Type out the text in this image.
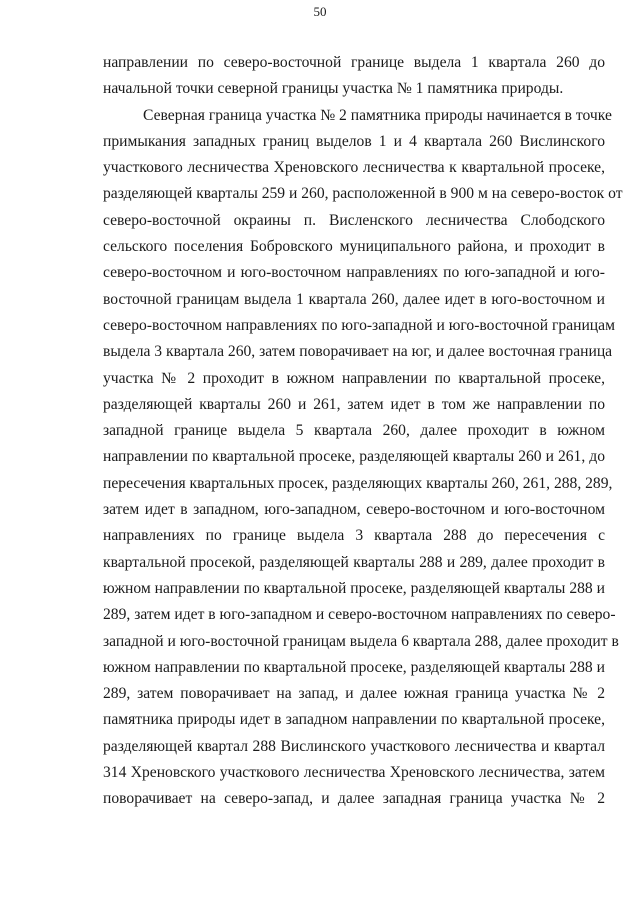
50
направлении по северо-восточной границе выдела 1 квартала 260 до
начальной точки северной границы участка № 1 памятника природы.
Северная граница участка № 2 памятника природы начинается в точке
примыкания западных границ выделов 1 и 4 квартала 260 Вислинского
участкового лесничества Хреновского лесничества к квартальной просеке,
разделяющей кварталы 259 и 260, расположенной в 900 м на северо-восток от
северо-восточной окраины п. Висленского лесничества Слободского
сельского поселения Бобровского муниципального района, и проходит в
северо-восточном и юго-восточном направлениях по юго-западной и юго-
восточной границам выдела 1 квартала 260, далее идет в юго-восточном и
северо-восточном направлениях по юго-западной и юго-восточной границам
выдела 3 квартала 260, затем поворачивает на юг, и далее восточная граница
участка № 2 проходит в южном направлении по квартальной просеке,
разделяющей кварталы 260 и 261, затем идет в том же направлении по
западной границе выдела 5 квартала 260, далее проходит в южном
направлении по квартальной просеке, разделяющей кварталы 260 и 261, до
пересечения квартальных просек, разделяющих кварталы 260, 261, 288, 289,
затем идет в западном, юго-западном, северо-восточном и юго-восточном
направлениях по границе выдела 3 квартала 288 до пересечения с
квартальной просекой, разделяющей кварталы 288 и 289, далее проходит в
южном направлении по квартальной просеке, разделяющей кварталы 288 и
289, затем идет в юго-западном и северо-восточном направлениях по северо-
западной и юго-восточной границам выдела 6 квартала 288, далее проходит в
южном направлении по квартальной просеке, разделяющей кварталы 288 и
289, затем поворачивает на запад, и далее южная граница участка № 2
памятника природы идет в западном направлении по квартальной просеке,
разделяющей квартал 288 Вислинского участкового лесничества и квартал
314 Хреновского участкового лесничества Хреновского лесничества, затем
поворачивает на северо-запад, и далее западная граница участка № 2
